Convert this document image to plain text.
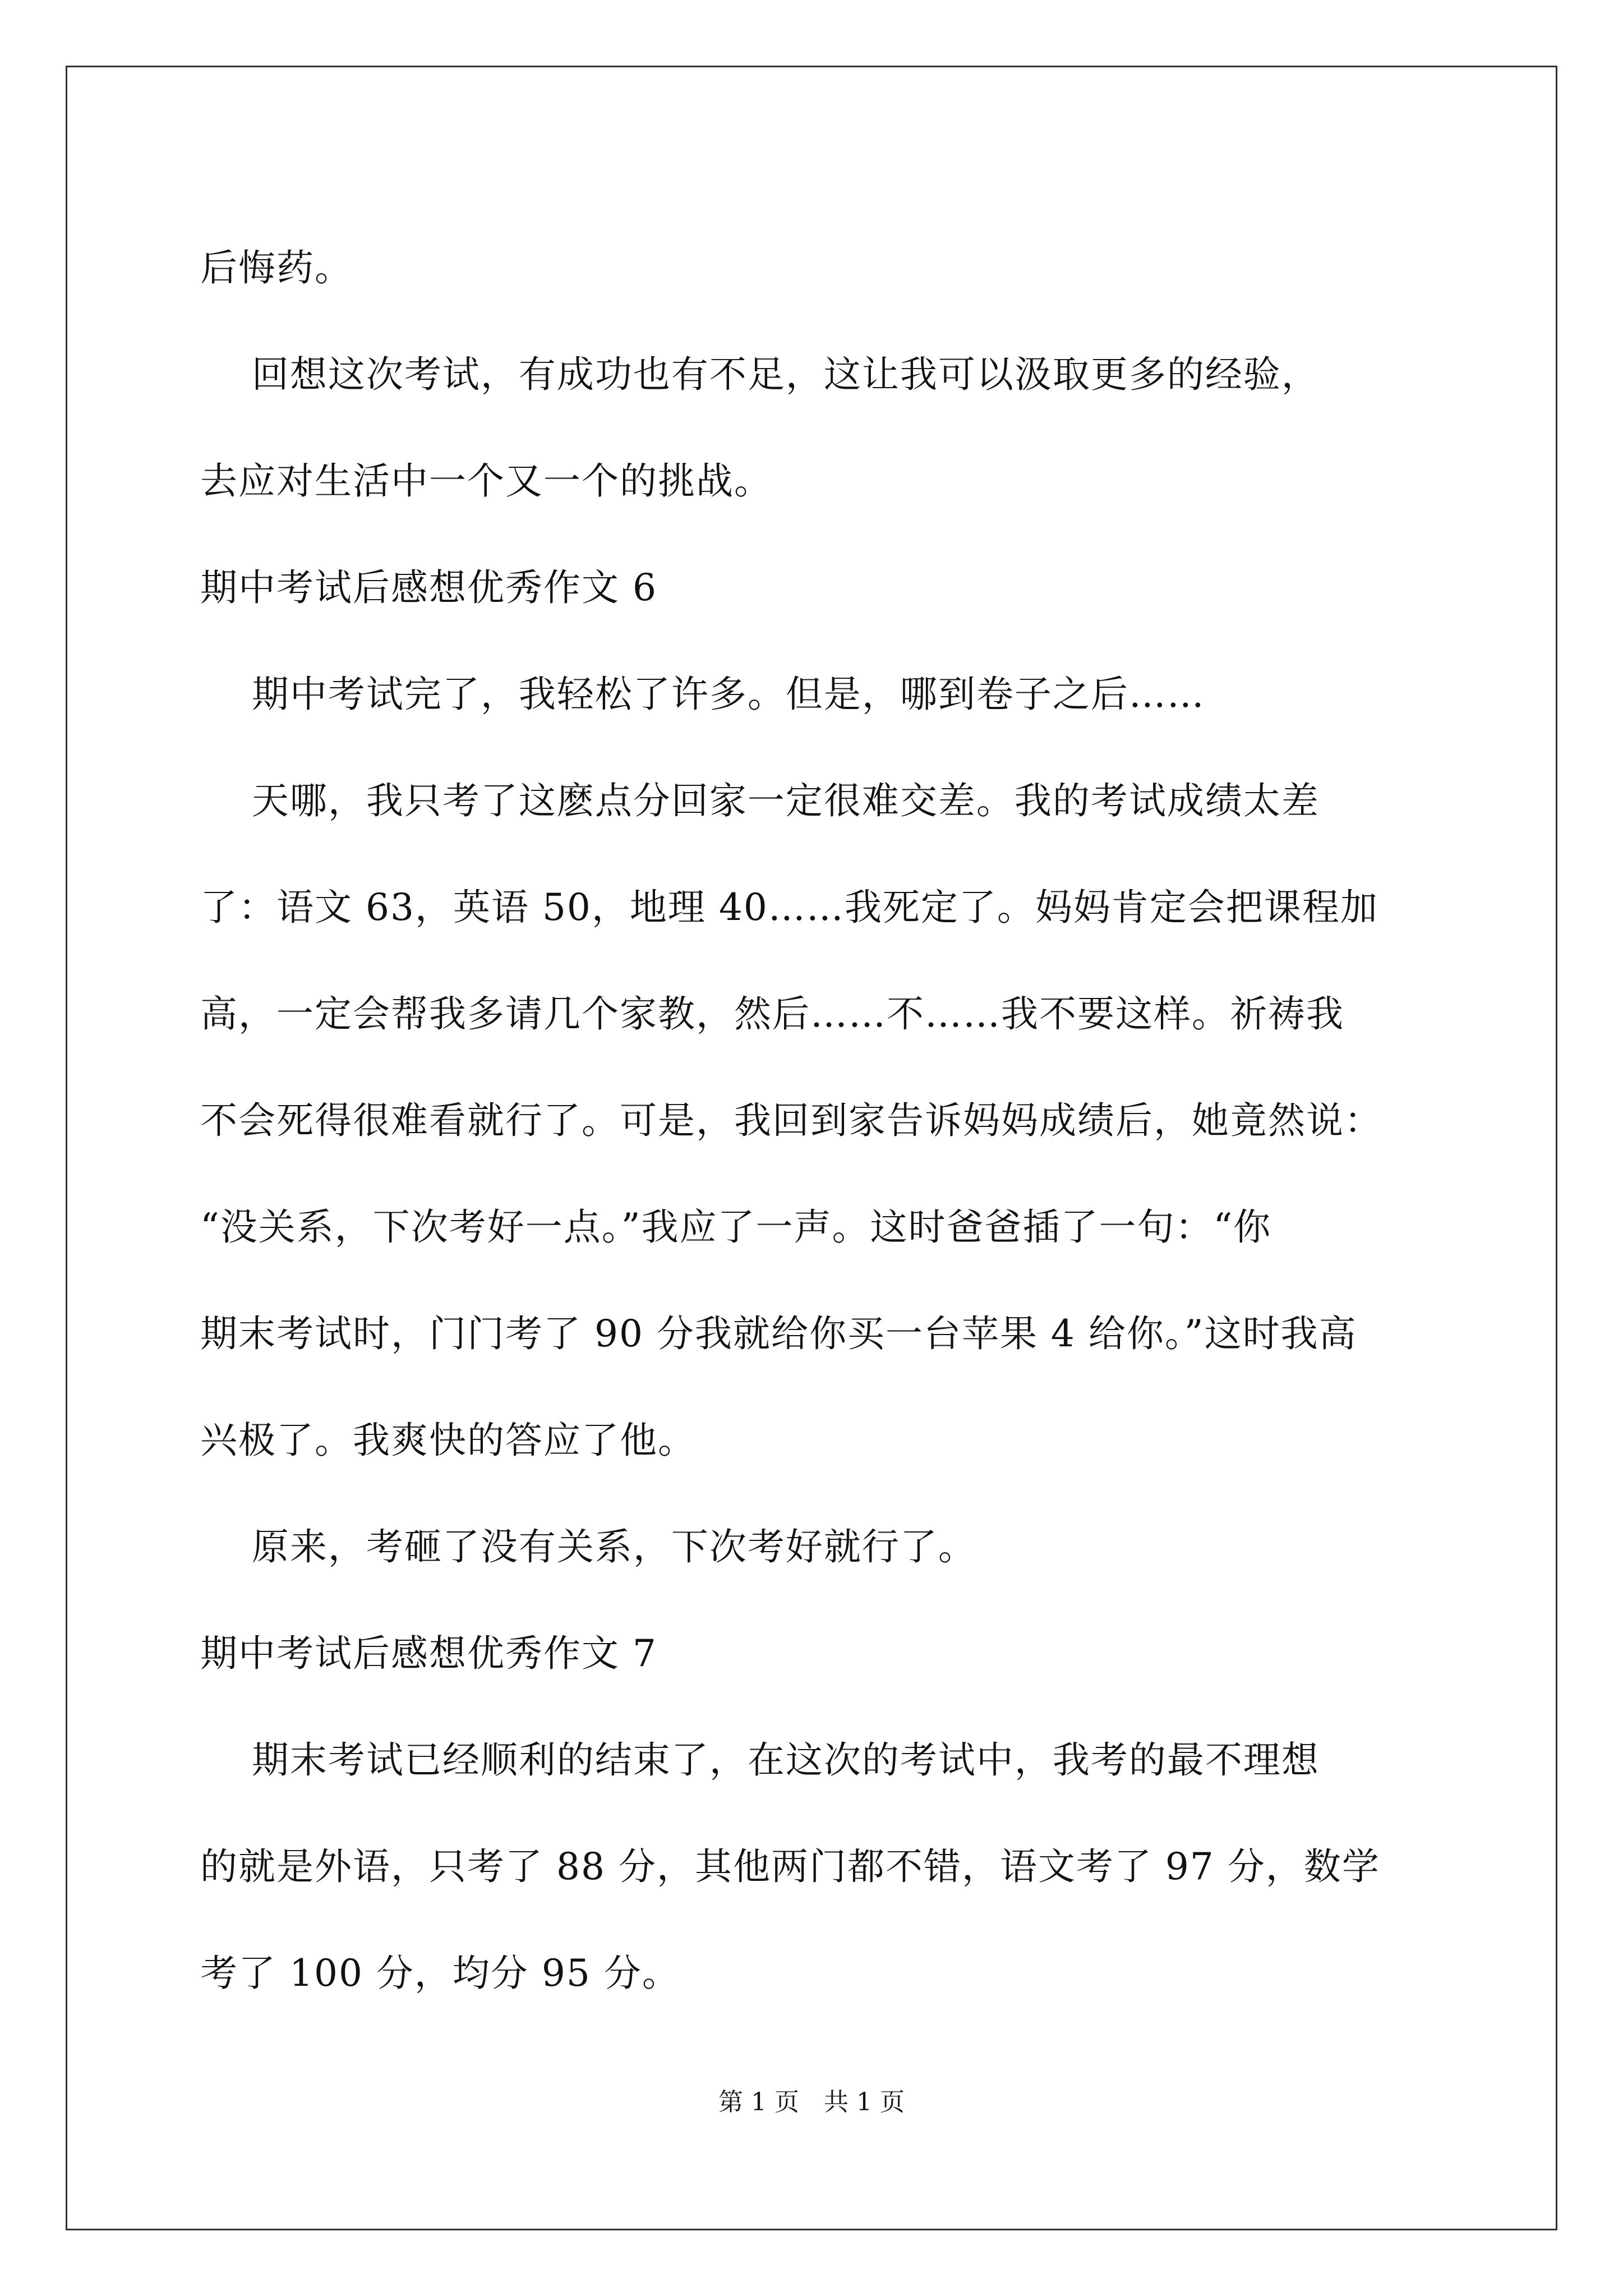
后悔药。
回想这次考试，有成功也有不足，这让我可以汲取更多的经验，
去应对生活中一个又一个的挑战。
期中考试后感想优秀作文 6
期中考试完了，我轻松了许多。但是，哪到卷子之后……
天哪，我只考了这麽点分回家一定很难交差。我的考试成绩太差
了：语文 63，英语 50，地理 40……我死定了。妈妈肯定会把课程加
高，一定会帮我多请几个家教，然后……不……我不要这样。祈祷我
不会死得很难看就行了。可是，我回到家告诉妈妈成绩后，她竟然说：
“没关系，下次考好一点。”我应了一声。这时爸爸插了一句：“你
期末考试时，门门考了 90 分我就给你买一台苹果 4 给你。”这时我高
兴极了。我爽快的答应了他。
原来，考砸了没有关系，下次考好就行了。
期中考试后感想优秀作文 7
期末考试已经顺利的结束了，在这次的考试中，我考的最不理想
的就是外语，只考了 88 分，其他两门都不错，语文考了 97 分，数学
考了 100 分，均分 95 分。
第 1 页　共 1 页
